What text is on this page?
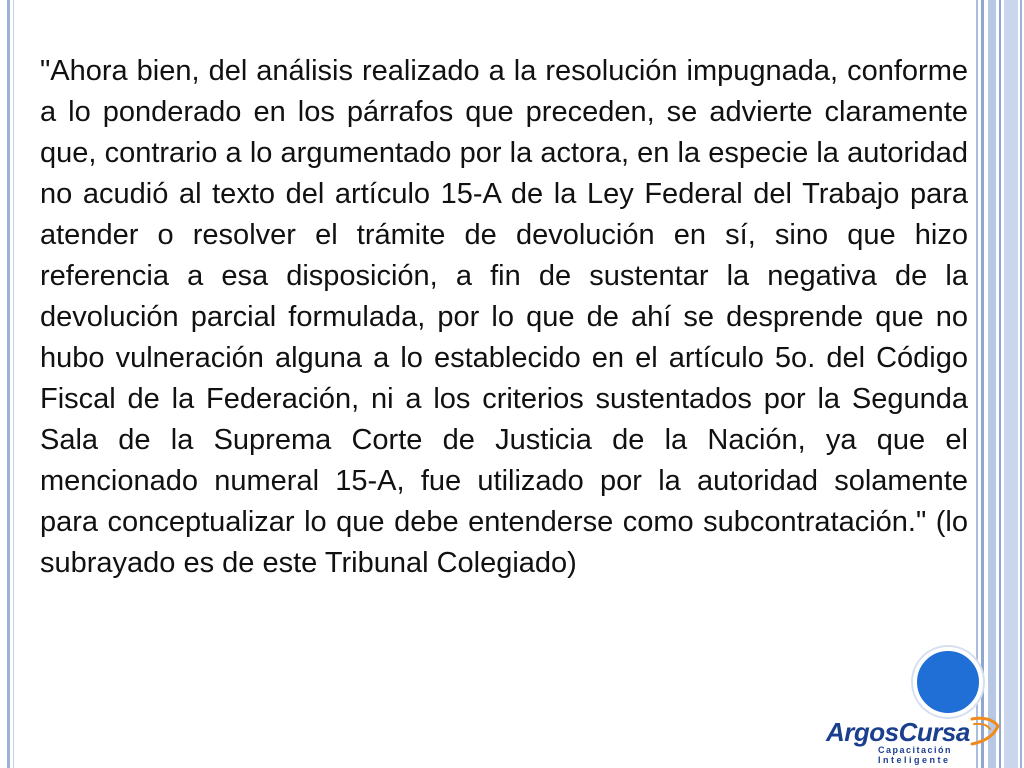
"Ahora bien, del análisis realizado a la resolución impugnada, conforme a lo ponderado en los párrafos que preceden, se advierte claramente que, contrario a lo argumentado por la actora, en la especie la autoridad no acudió al texto del artículo 15-A de la Ley Federal del Trabajo para atender o resolver el trámite de devolución en sí, sino que hizo referencia a esa disposición, a fin de sustentar la negativa de la devolución parcial formulada, por lo que de ahí se desprende que no hubo vulneración alguna a lo establecido en el artículo 5o. del Código Fiscal de la Federación, ni a los criterios sustentados por la Segunda Sala de la Suprema Corte de Justicia de la Nación, ya que el mencionado numeral 15-A, fue utilizado por la autoridad solamente para conceptualizar lo que debe entenderse como subcontratación." (lo subrayado es de este Tribunal Colegiado)

ArgosCursa
Capacitación
Inteligente
